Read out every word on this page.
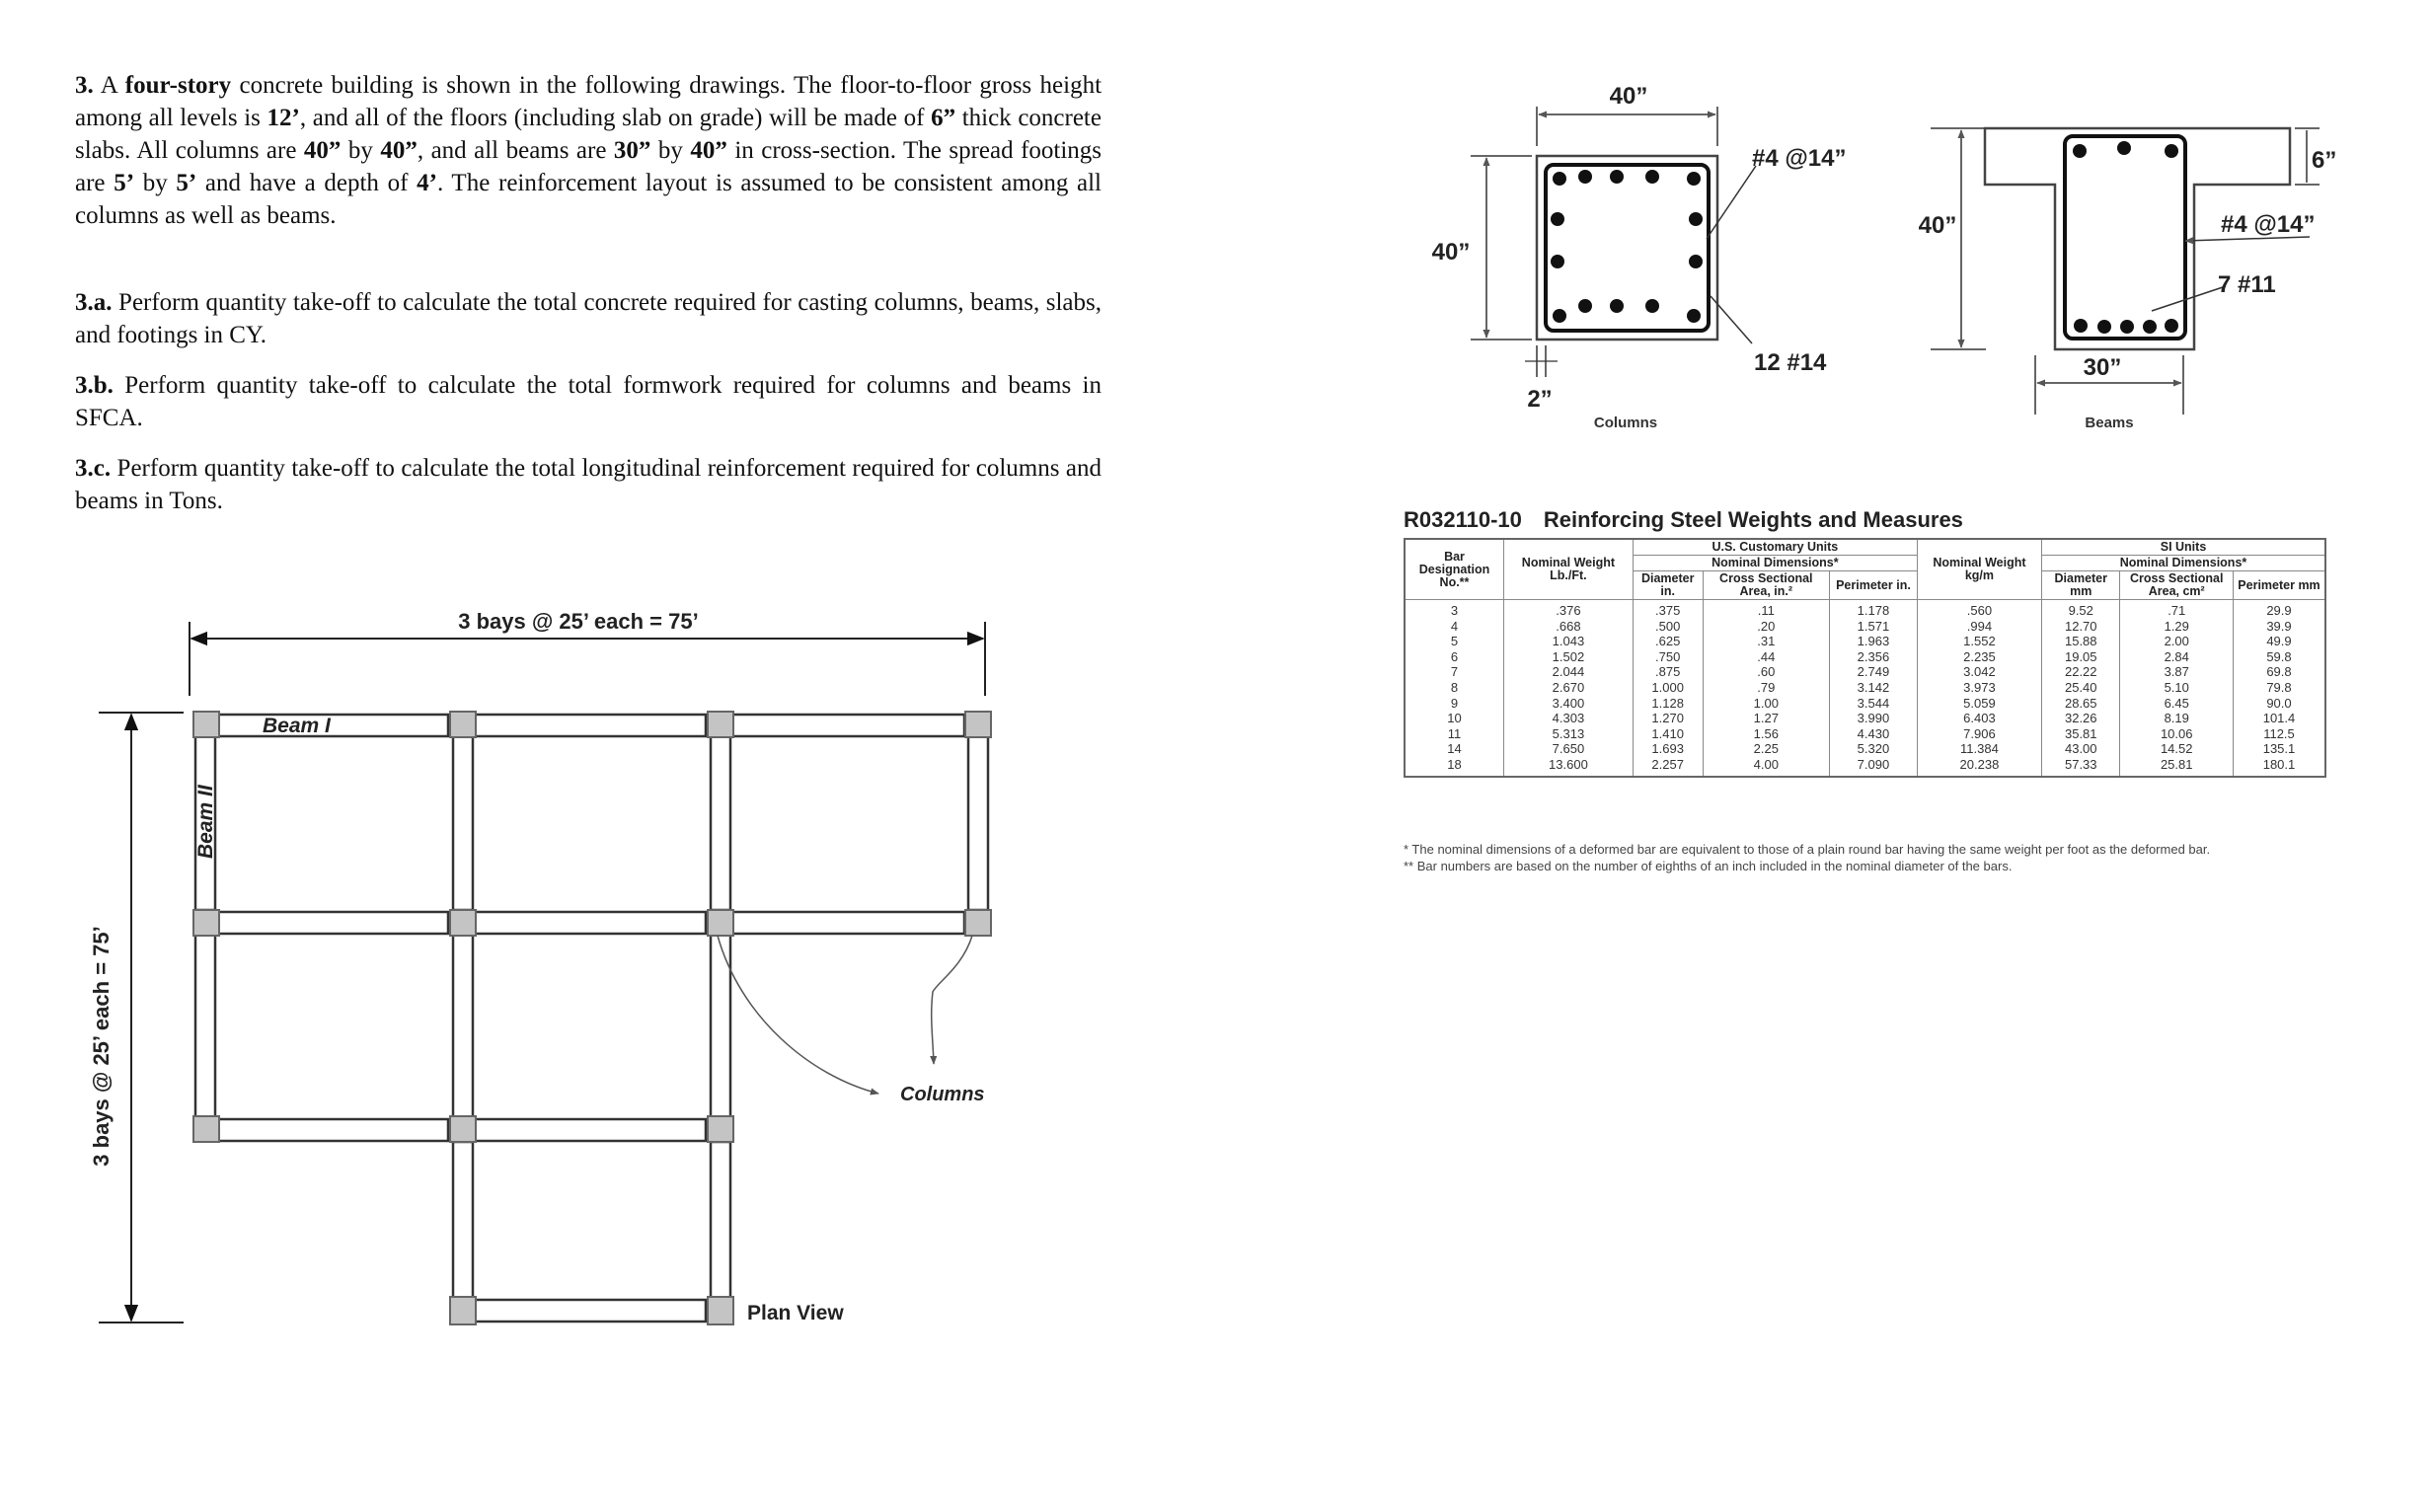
3. A four-story concrete building is shown in the following drawings. The floor-to-floor gross height among all levels is 12’, and all of the floors (including slab on grade) will be made of 6” thick concrete slabs. All columns are 40” by 40”, and all beams are 30” by 40” in cross-section. The spread footings are 5’ by 5’ and have a depth of 4’. The reinforcement layout is assumed to be consistent among all columns as well as beams.

3.a. Perform quantity take-off to calculate the total concrete required for casting columns, beams, slabs, and footings in CY.

3.b. Perform quantity take-off to calculate the total formwork required for columns and beams in SFCA.

3.c. Perform quantity take-off to calculate the total longitudinal reinforcement required for columns and beams in Tons.

3 bays @ 25’ each = 75’
3 bays @ 25’ each = 75’
Beam I
Beam II
Columns
Plan View
40”
40”
#4 @14”
12 #14
2”
Columns
40”
6”
#4 @14”
7 #11
30”
Beams
R032110-10 Reinforcing Steel Weights and Measures
Bar Designation No.**	Nominal Weight Lb./Ft.	U.S. Customary Units			Nominal Weight kg/m	SI Units		
		Nominal Dimensions*				Nominal Dimensions*		
		Diameter in.	Cross Sectional Area, in.²	Perimeter in.		Diameter mm	Cross Sectional Area, cm²	Perimeter mm
3	.376	.375	.11	1.178	.560	9.52	.71	29.9
4	.668	.500	.20	1.571	.994	12.70	1.29	39.9
5	1.043	.625	.31	1.963	1.552	15.88	2.00	49.9
6	1.502	.750	.44	2.356	2.235	19.05	2.84	59.8
7	2.044	.875	.60	2.749	3.042	22.22	3.87	69.8
8	2.670	1.000	.79	3.142	3.973	25.40	5.10	79.8
9	3.400	1.128	1.00	3.544	5.059	28.65	6.45	90.0
10	4.303	1.270	1.27	3.990	6.403	32.26	8.19	101.4
11	5.313	1.410	1.56	4.430	7.906	35.81	10.06	112.5
14	7.650	1.693	2.25	5.320	11.384	43.00	14.52	135.1
18	13.600	2.257	4.00	7.090	20.238	57.33	25.81	180.1
* The nominal dimensions of a deformed bar are equivalent to those of a plain round bar having the same weight per foot as the deformed bar.
** Bar numbers are based on the number of eighths of an inch included in the nominal diameter of the bars.
